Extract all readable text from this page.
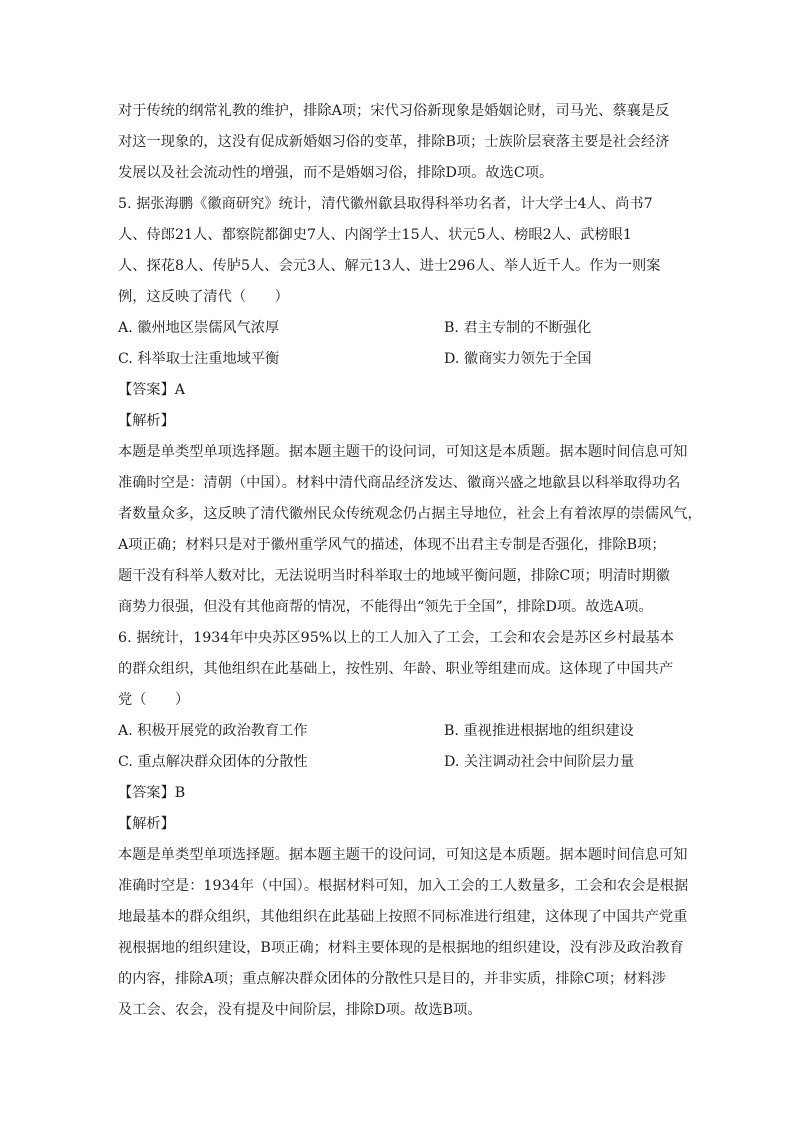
对于传统的纲常礼教的维护，排除A项；宋代习俗新现象是婚姻论财，司马光、蔡襄是反
对这一现象的，这没有促成新婚姻习俗的变革，排除B项；士族阶层衰落主要是社会经济
发展以及社会流动性的增强，而不是婚姻习俗，排除D项。故选C项。
5. 据张海鹏《徽商研究》统计，清代徽州歙县取得科举功名者，计大学士4人、尚书7
人、侍郎21人、都察院都御史7人、内阁学士15人、状元5人、榜眼2人、武榜眼1
人、探花8人、传胪5人、会元3人、解元13人、进士296人、举人近千人。作为一则案
例，这反映了清代（　　）
A. 徽州地区崇儒风气浓厚	B. 君主专制的不断强化
C. 科举取士注重地域平衡	D. 徽商实力领先于全国
【答案】A
【解析】
本题是单类型单项选择题。据本题主题干的设问词，可知这是本质题。据本题时间信息可知
准确时空是：清朝（中国）。材料中清代商品经济发达、徽商兴盛之地歙县以科举取得功名
者数量众多，这反映了清代徽州民众传统观念仍占据主导地位，社会上有着浓厚的崇儒风气，
A项正确；材料只是对于徽州重学风气的描述，体现不出君主专制是否强化，排除B项；
题干没有科举人数对比，无法说明当时科举取士的地域平衡问题，排除C项；明清时期徽
商势力很强，但没有其他商帮的情况，不能得出“领先于全国”，排除D项。故选A项。
6. 据统计，1934年中央苏区95%以上的工人加入了工会，工会和农会是苏区乡村最基本
的群众组织，其他组织在此基础上，按性别、年龄、职业等组建而成。这体现了中国共产
党（　　）
A. 积极开展党的政治教育工作	B. 重视推进根据地的组织建设
C. 重点解决群众团体的分散性	D. 关注调动社会中间阶层力量
【答案】B
【解析】
本题是单类型单项选择题。据本题主题干的设问词，可知这是本质题。据本题时间信息可知
准确时空是：1934年（中国）。根据材料可知，加入工会的工人数量多，工会和农会是根据
地最基本的群众组织，其他组织在此基础上按照不同标准进行组建，这体现了中国共产党重
视根据地的组织建设，B项正确；材料主要体现的是根据地的组织建设，没有涉及政治教育
的内容，排除A项；重点解决群众团体的分散性只是目的，并非实质，排除C项；材料涉
及工会、农会，没有提及中间阶层，排除D项。故选B项。
